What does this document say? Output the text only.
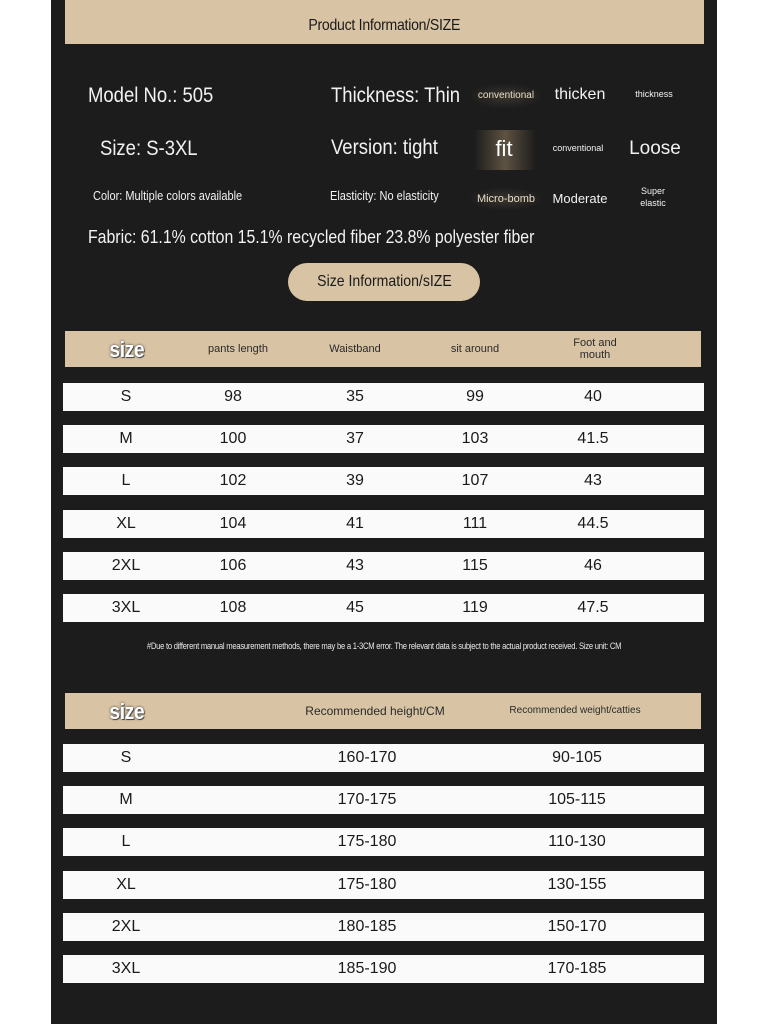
Product Information/SIZE
Model No.: 505
Size: S-3XL
Color: Multiple colors available
Thickness: Thin	conventional	thicken	thickness
Version: tight	fit	conventional Loose
Elasticity: No elasticity	Micro-bomb	Moderate	Super elastic
Fabric: 61.1% cotton 15.1% recycled fiber 23.8% polyester fiber
Size Information/sIZE
size	pants length	Waistband	sit around	Foot and mouth
S	98	35	99	40
M	100	37	103	41.5
L	102	39	107	43
XL	104	41	111	44.5
2XL	106	43	115	46
3XL	108	45	119	47.5
#Due to different manual measurement methods, there may be a 1-3CM error. The relevant data is subject to the actual product received. Size unit: CM
size	Recommended height/CM	Recommended weight/catties
S	160-170	90-105
M	170-175	105-115
L	175-180	110-130
XL	175-180	130-155
2XL	180-185	150-170
3XL	185-190	170-185
